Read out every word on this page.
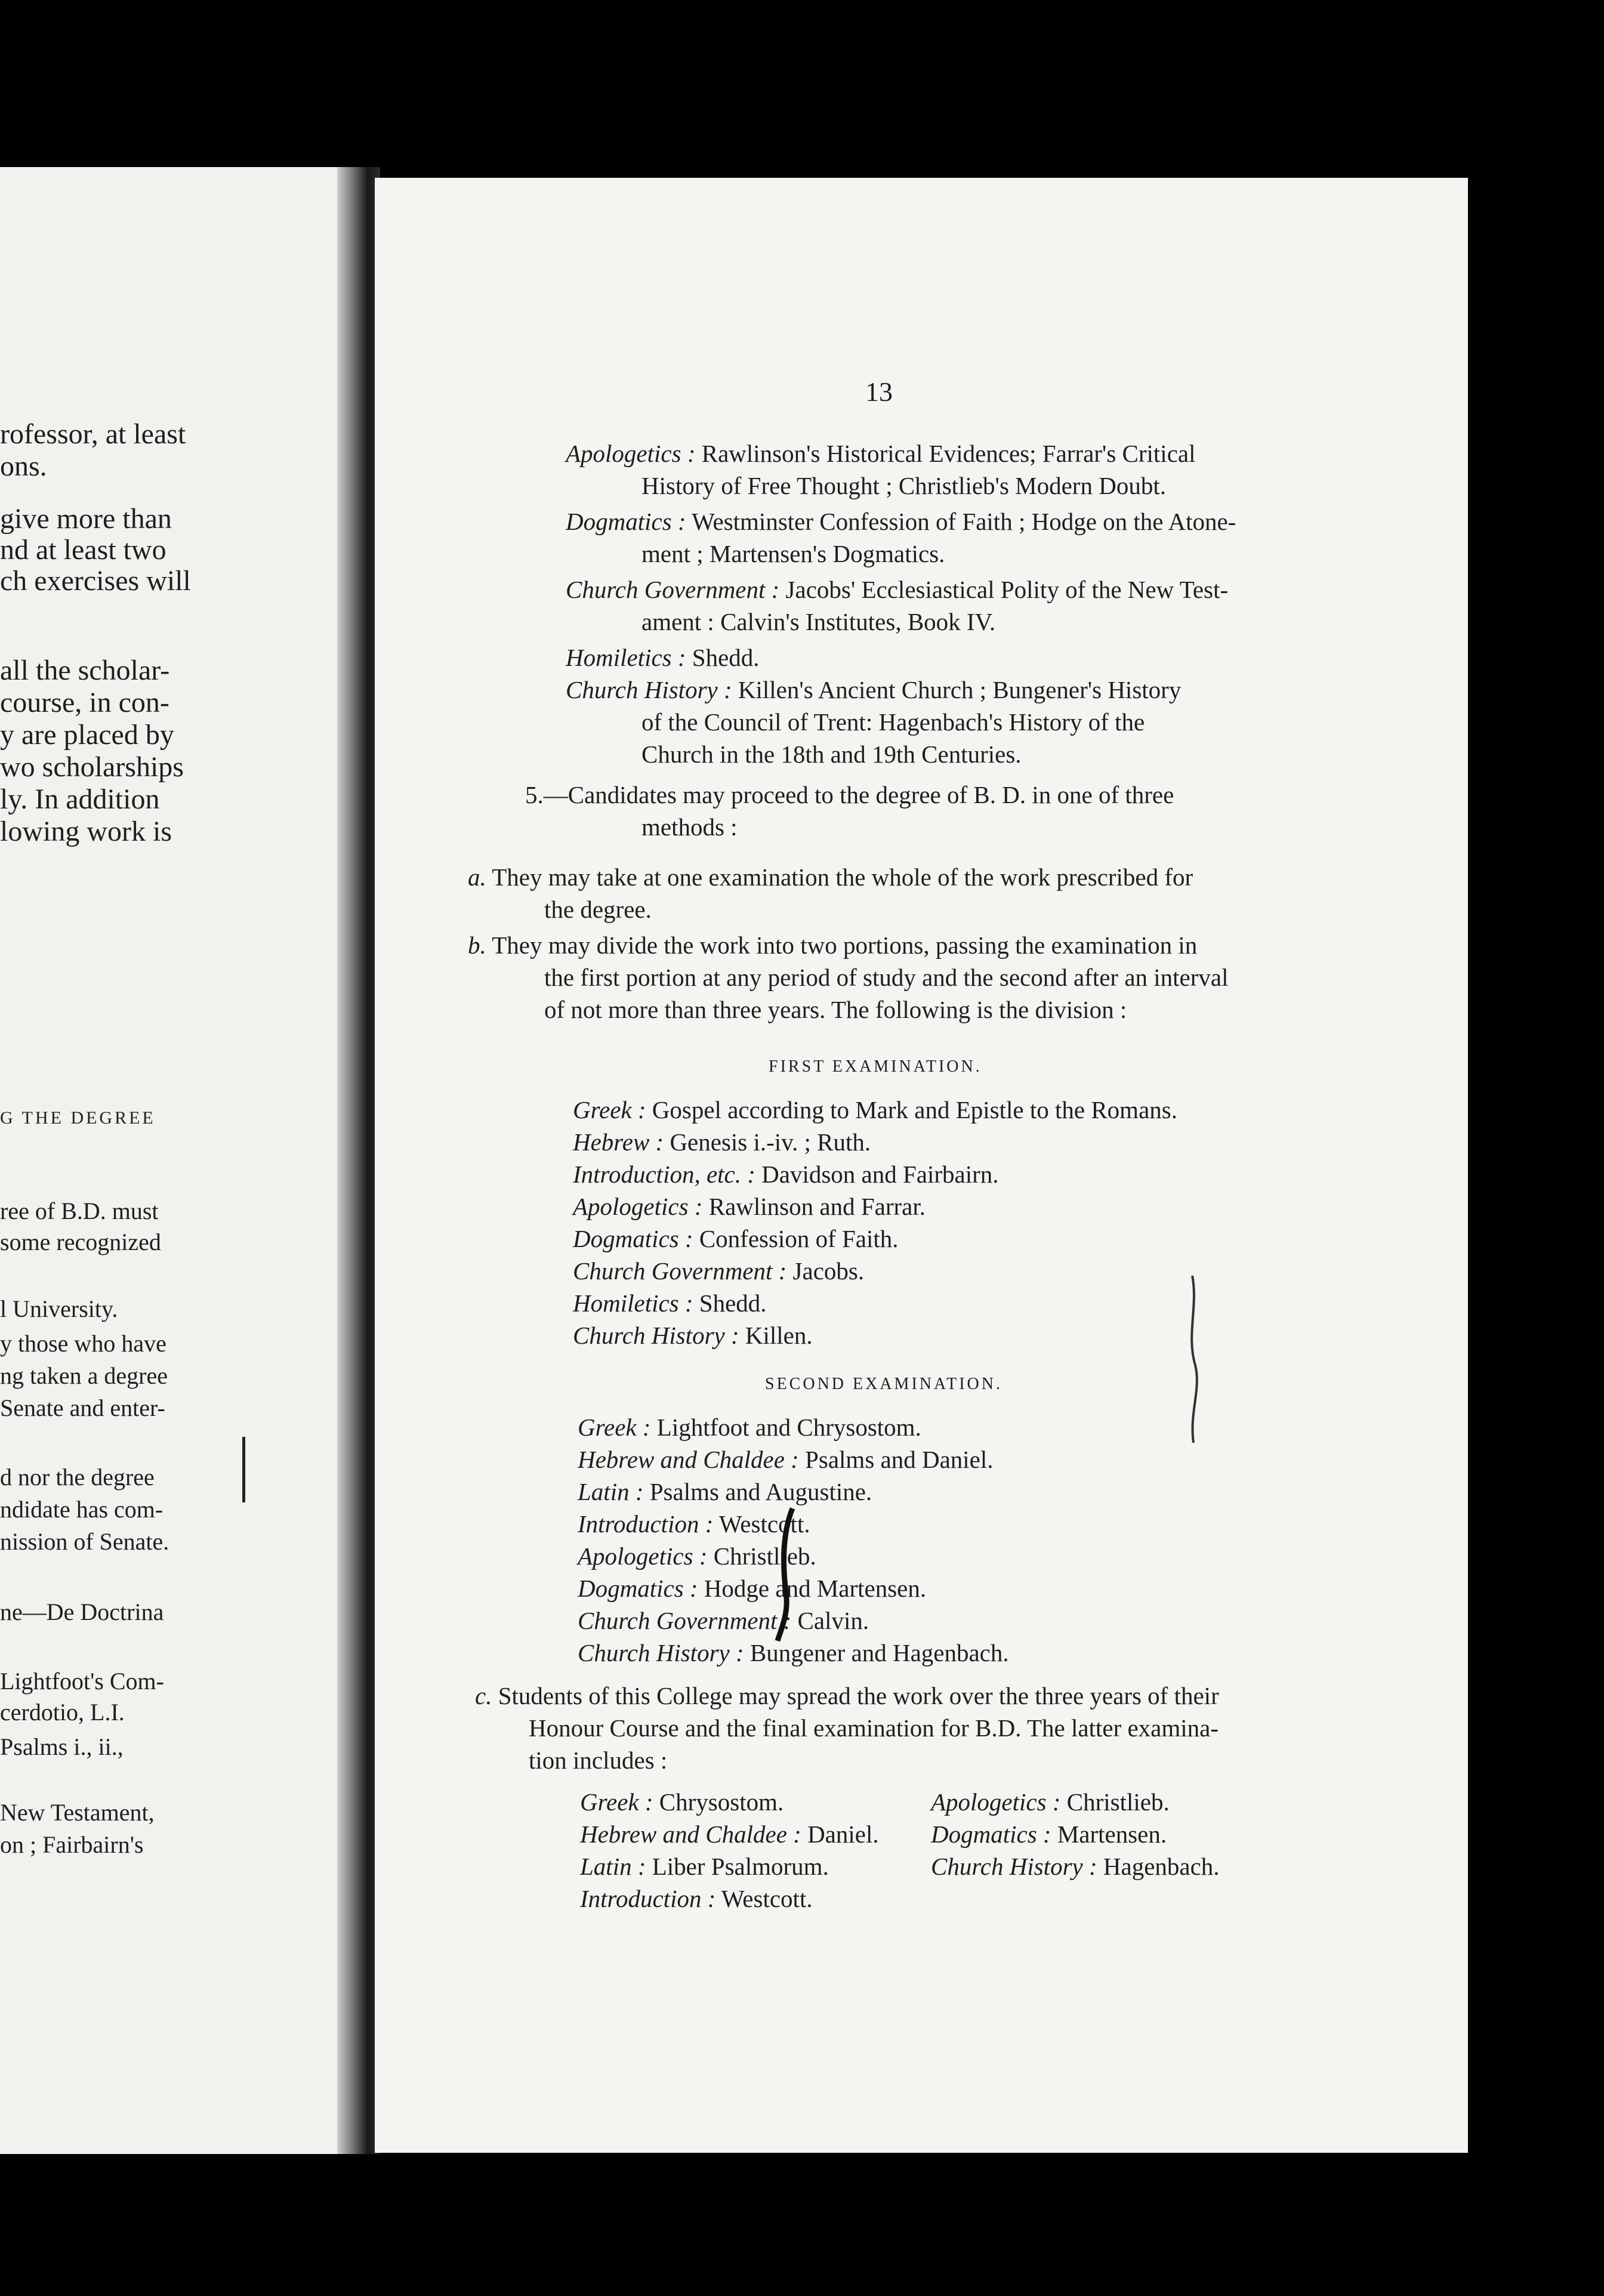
rofessor, at least
ons.
give more than
nd at least two
ch exercises will
all the scholar-
course, in con-
y are placed by
wo scholarships
ly. In addition
lowing work is
G THE DEGREE
ree of B.D. must
some recognized
l University.
y those who have
ng taken a degree
Senate and enter-
d nor the degree
ndidate has com-
nission of Senate.
ne—De Doctrina
Lightfoot's Com-
cerdotio, L.I.
Psalms i., ii.,
New Testament,
on ; Fairbairn's
13
Apologetics : Rawlinson's Historical Evidences; Farrar's Critical
History of Free Thought ; Christlieb's Modern Doubt.
Dogmatics : Westminster Confession of Faith ; Hodge on the Atone-
ment ; Martensen's Dogmatics.
Church Government : Jacobs' Ecclesiastical Polity of the New Test-
ament : Calvin's Institutes, Book IV.
Homiletics : Shedd.
Church History : Killen's Ancient Church ; Bungener's History
of the Council of Trent: Hagenbach's History of the
Church in the 18th and 19th Centuries.
5.—Candidates may proceed to the degree of B. D. in one of three
methods :
a. They may take at one examination the whole of the work prescribed for
the degree.
b. They may divide the work into two portions, passing the examination in
the first portion at any period of study and the second after an interval
of not more than three years. The following is the division :
FIRST EXAMINATION.
Greek : Gospel according to Mark and Epistle to the Romans.
Hebrew : Genesis i.-iv. ; Ruth.
Introduction, etc. : Davidson and Fairbairn.
Apologetics : Rawlinson and Farrar.
Dogmatics : Confession of Faith.
Church Government : Jacobs.
Homiletics : Shedd.
Church History : Killen.
SECOND EXAMINATION.
Greek : Lightfoot and Chrysostom.
Hebrew and Chaldee : Psalms and Daniel.
Latin : Psalms and Augustine.
Introduction : Westcott.
Apologetics : Christlieb.
Dogmatics : Hodge and Martensen.
Church Government : Calvin.
Church History : Bungener and Hagenbach.
c. Students of this College may spread the work over the three years of their
Honour Course and the final examination for B.D. The latter examina-
tion includes :
Greek : Chrysostom.
Hebrew and Chaldee : Daniel.
Latin : Liber Psalmorum.
Introduction : Westcott.
Apologetics : Christlieb.
Dogmatics : Martensen.
Church History : Hagenbach.
